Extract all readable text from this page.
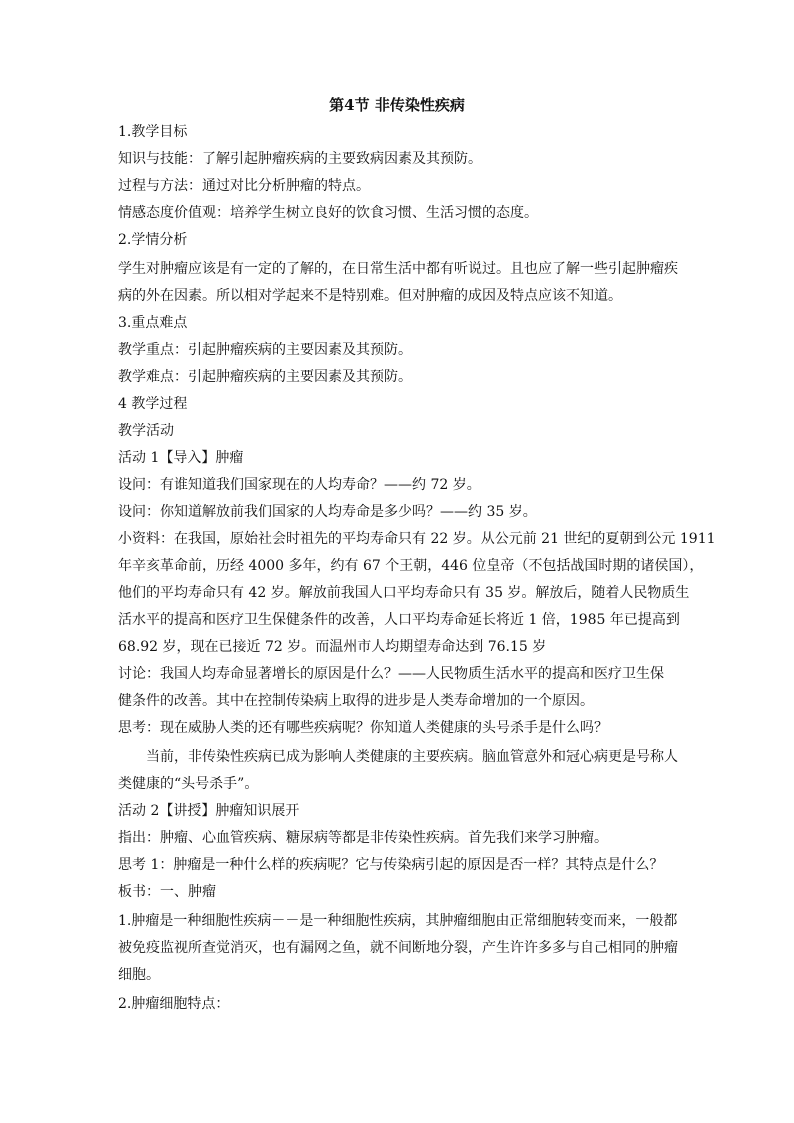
第4节 非传染性疾病
1.教学目标
知识与技能：了解引起肿瘤疾病的主要致病因素及其预防。
过程与方法：通过对比分析肿瘤的特点。
情感态度价值观：培养学生树立良好的饮食习惯、生活习惯的态度。
2.学情分析
学生对肿瘤应该是有一定的了解的，在日常生活中都有听说过。且也应了解一些引起肿瘤疾
病的外在因素。所以相对学起来不是特别难。但对肿瘤的成因及特点应该不知道。
3.重点难点
教学重点：引起肿瘤疾病的主要因素及其预防。
教学难点：引起肿瘤疾病的主要因素及其预防。
4 教学过程
教学活动
活动 1【导入】肿瘤
设问：有谁知道我们国家现在的人均寿命？——约 72 岁。
设问：你知道解放前我们国家的人均寿命是多少吗？——约 35 岁。
小资料：在我国，原始社会时祖先的平均寿命只有 22 岁。从公元前 21 世纪的夏朝到公元 1911
年辛亥革命前，历经 4000 多年，约有 67 个王朝，446 位皇帝（不包括战国时期的诸侯国），
他们的平均寿命只有 42 岁。解放前我国人口平均寿命只有 35 岁。解放后，随着人民物质生
活水平的提高和医疗卫生保健条件的改善，人口平均寿命延长将近 1 倍，1985 年已提高到
68.92 岁，现在已接近 72 岁。而温州市人均期望寿命达到 76.15 岁
讨论：我国人均寿命显著增长的原因是什么？——人民物质生活水平的提高和医疗卫生保
健条件的改善。其中在控制传染病上取得的进步是人类寿命增加的一个原因。
思考：现在威胁人类的还有哪些疾病呢？你知道人类健康的头号杀手是什么吗？
当前，非传染性疾病已成为影响人类健康的主要疾病。脑血管意外和冠心病更是号称人
类健康的“头号杀手”。
活动 2【讲授】肿瘤知识展开
指出：肿瘤、心血管疾病、糖尿病等都是非传染性疾病。首先我们来学习肿瘤。
思考 1：肿瘤是一种什么样的疾病呢？它与传染病引起的原因是否一样？其特点是什么？
板书：一、肿瘤
1.肿瘤是一种细胞性疾病－－是一种细胞性疾病，其肿瘤细胞由正常细胞转变而来，一般都
被免疫监视所查觉消灭，也有漏网之鱼，就不间断地分裂，产生许许多多与自己相同的肿瘤
细胞。
2.肿瘤细胞特点：
